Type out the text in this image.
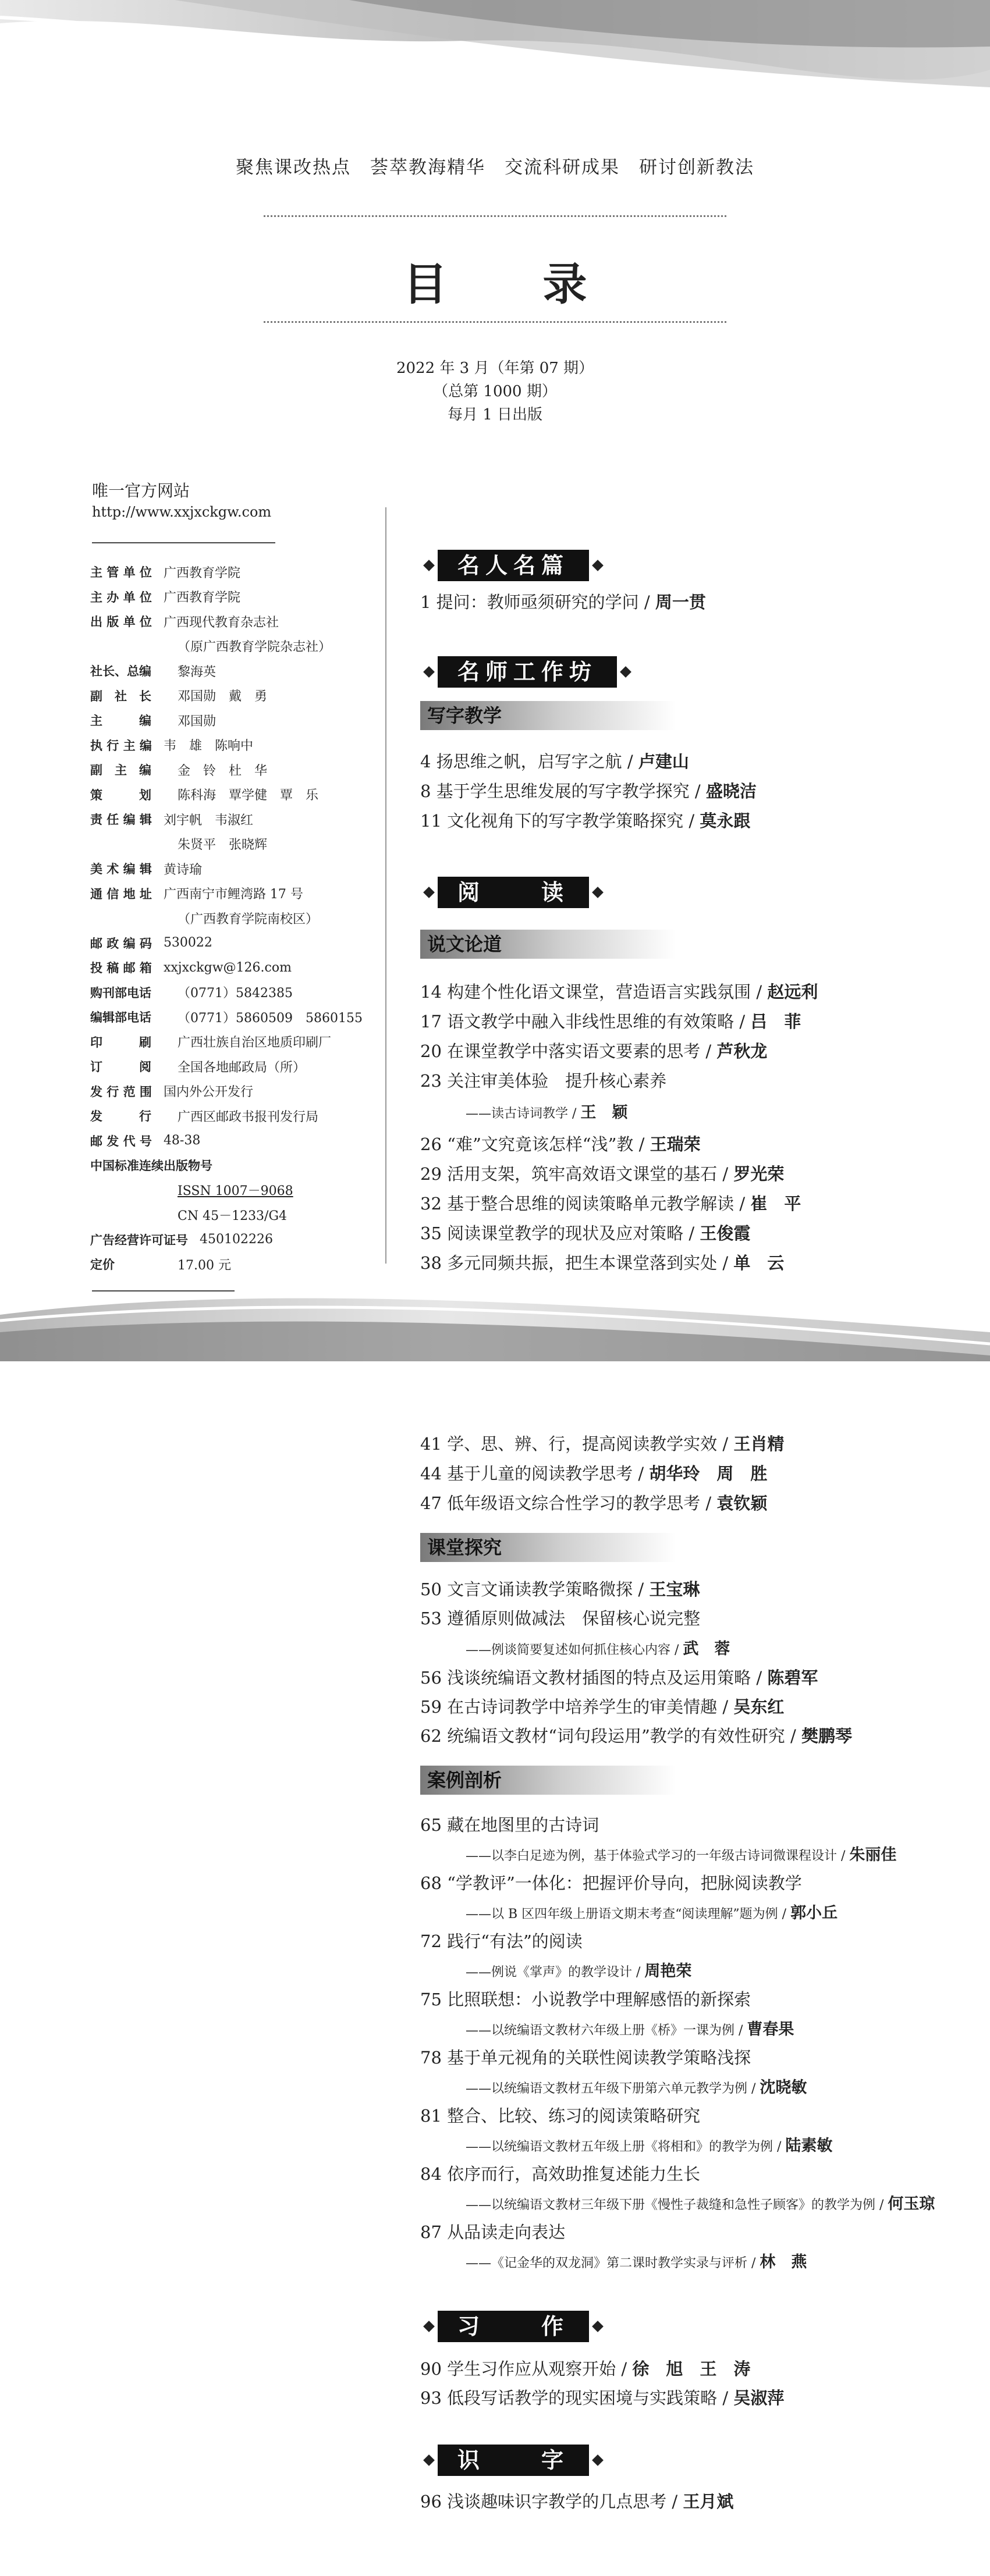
聚焦课改热点　荟萃教海精华　交流科研成果　研讨创新教法
目　录
2022 年 3 月（年第 07 期）
（总第 1000 期）
每月 1 日出版
唯一官方网站
http://www.xxjxckgw.com
主 管 单 位 广西教育学院
主 办 单 位 广西教育学院
出 版 单 位 广西现代教育杂志社
（原广西教育学院杂志社）
社长、总编	黎海英
副　社　长	邓国勋　戴　勇
主　　　编	邓国勋
执 行 主 编 韦　雄　陈响中
副　主　编	金　铃　杜　华
策　　　划	陈科海　覃学健　覃　乐
责 任 编 辑 刘宇帆　韦淑红
朱贤平　张晓辉
美 术 编 辑 黄诗瑜
通 信 地 址 广西南宁市鲤湾路 17 号
（广西教育学院南校区）
邮 政 编 码 530022
投 稿 邮 箱 xxjxckgw@126.com
购刊部电话	（0771）5842385
编辑部电话	（0771）5860509　5860155
印　　　刷	广西壮族自治区地质印刷厂
订　　　阅	全国各地邮政局（所）
发 行 范 围 国内外公开发行
发　　　行	广西区邮政书报刊发行局
邮 发 代 号 48-38
中国标准连续出版物号
ISSN 1007－9068
CN 45－1233/G4
广告经营许可证号 450102226
定价	17.00 元
名人名篇
1 提问：教师亟须研究的学问 / 周一贯
名师工作坊
写字教学
4 扬思维之帆，启写字之航 / 卢建山
8 基于学生思维发展的写字教学探究 / 盛晓洁
11 文化视角下的写字教学策略探究 / 莫永跟
阅　　读
说文论道
14 构建个性化语文课堂，营造语言实践氛围 / 赵远利
17 语文教学中融入非线性思维的有效策略 / 吕　菲
20 在课堂教学中落实语文要素的思考 / 芦秋龙
23 关注审美体验　提升核心素养
——读古诗词教学 / 王　颖
26 “难”文究竟该怎样“浅”教 / 王瑞荣
29 活用支架，筑牢高效语文课堂的基石 / 罗光荣
32 基于整合思维的阅读策略单元教学解读 / 崔　平
35 阅读课堂教学的现状及应对策略 / 王俊霞
38 多元同频共振，把生本课堂落到实处 / 单　云
41 学、思、辨、行，提高阅读教学实效 / 王肖精
44 基于儿童的阅读教学思考 / 胡华玲　周　胜
47 低年级语文综合性学习的教学思考 / 袁钦颖
课堂探究
50 文言文诵读教学策略微探 / 王宝琳
53 遵循原则做减法　保留核心说完整
——例谈简要复述如何抓住核心内容 / 武　蓉
56 浅谈统编语文教材插图的特点及运用策略 / 陈碧军
59 在古诗词教学中培养学生的审美情趣 / 吴东红
62 统编语文教材“词句段运用”教学的有效性研究 / 樊鹏琴
案例剖析
65 藏在地图里的古诗词
——以李白足迹为例，基于体验式学习的一年级古诗词微课程设计 / 朱丽佳
68 “学教评”一体化：把握评价导向，把脉阅读教学
——以 B 区四年级上册语文期末考查“阅读理解”题为例 / 郭小丘
72 践行“有法”的阅读
——例说《掌声》的教学设计 / 周艳荣
75 比照联想：小说教学中理解感悟的新探索
——以统编语文教材六年级上册《桥》一课为例 / 曹春果
78 基于单元视角的关联性阅读教学策略浅探
——以统编语文教材五年级下册第六单元教学为例 / 沈晓敏
81 整合、比较、练习的阅读策略研究
——以统编语文教材五年级上册《将相和》的教学为例 / 陆素敏
84 依序而行，高效助推复述能力生长
——以统编语文教材三年级下册《慢性子裁缝和急性子顾客》的教学为例 / 何玉琼
87 从品读走向表达
——《记金华的双龙洞》第二课时教学实录与评析 / 林　燕
习　　作
90 学生习作应从观察开始 / 徐　旭　王　涛
93 低段写话教学的现实困境与实践策略 / 吴淑萍
识　　字
96 浅谈趣味识字教学的几点思考 / 王月斌
